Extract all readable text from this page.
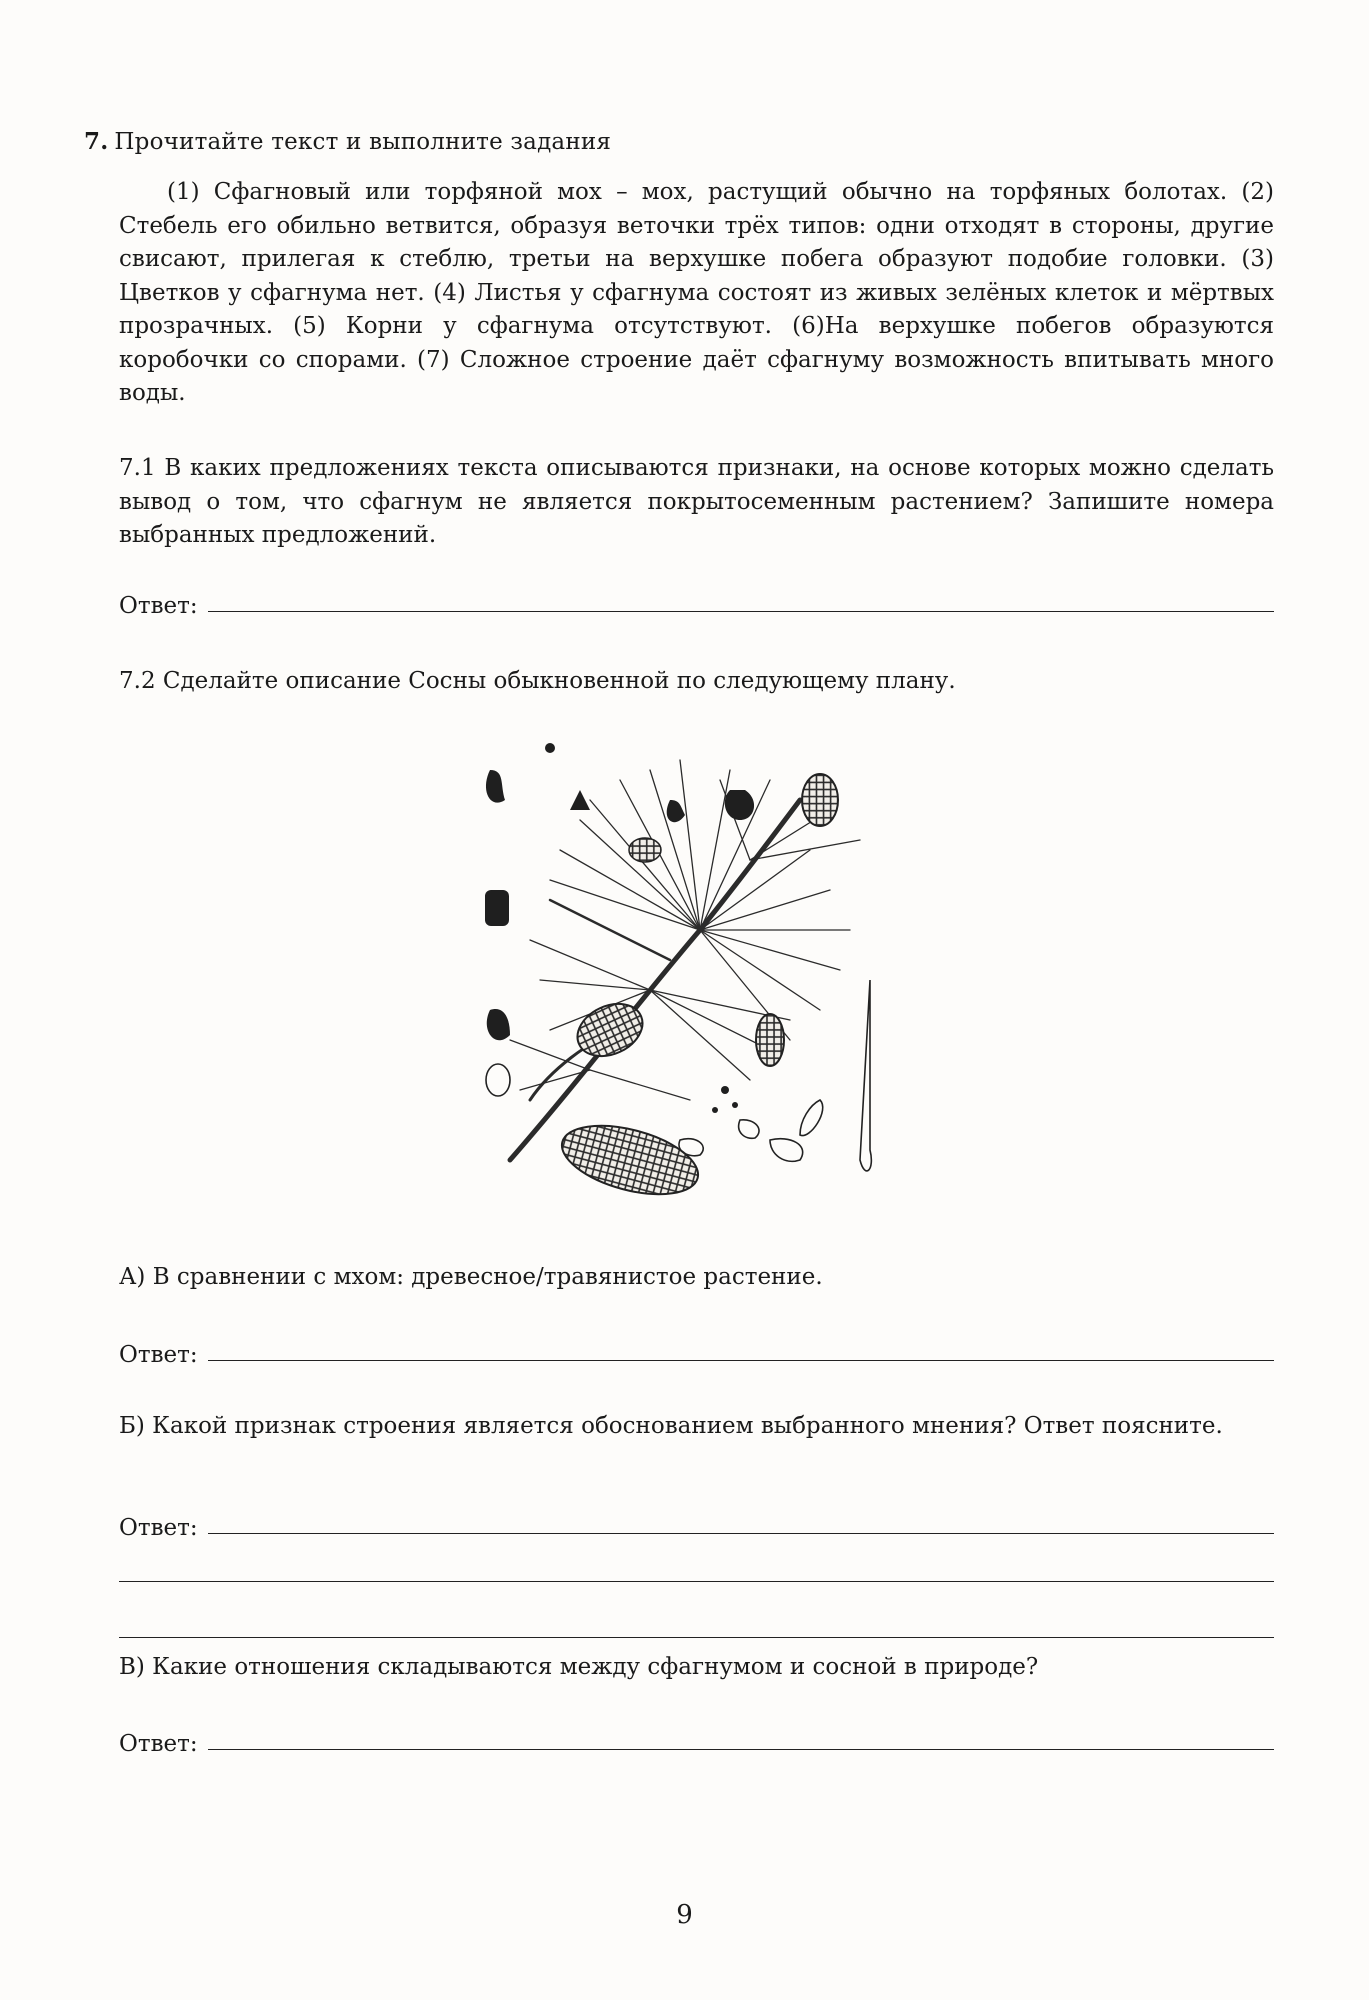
7. Прочитайте текст и выполните задания
(1) Сфагновый или торфяной мох – мох, растущий обычно на торфяных болотах. (2) Стебель его обильно ветвится, образуя веточки трёх типов: одни отходят в стороны, другие свисают, прилегая к стеблю, третьи на верхушке побега образуют подобие головки. (3) Цветков у сфагнума нет. (4) Листья у сфагнума состоят из живых зелёных клеток и мёртвых прозрачных. (5) Корни у сфагнума отсутствуют. (6)На верхушке побегов образуются коробочки со спорами. (7) Сложное строение даёт сфагнуму возможность впитывать много воды.
7.1 В каких предложениях текста описываются признаки, на основе которых можно сделать вывод о том, что сфагнум не является покрытосеменным растением? Запишите номера выбранных предложений.
Ответ:
7.2 Сделайте описание Сосны обыкновенной по следующему плану.
А) В сравнении с мхом: древесное/травянистое растение.
Ответ:
Б) Какой признак строения является обоснованием выбранного мнения? Ответ поясните.
Ответ:
В) Какие отношения складываются между сфагнумом и сосной в природе?
Ответ:
9
